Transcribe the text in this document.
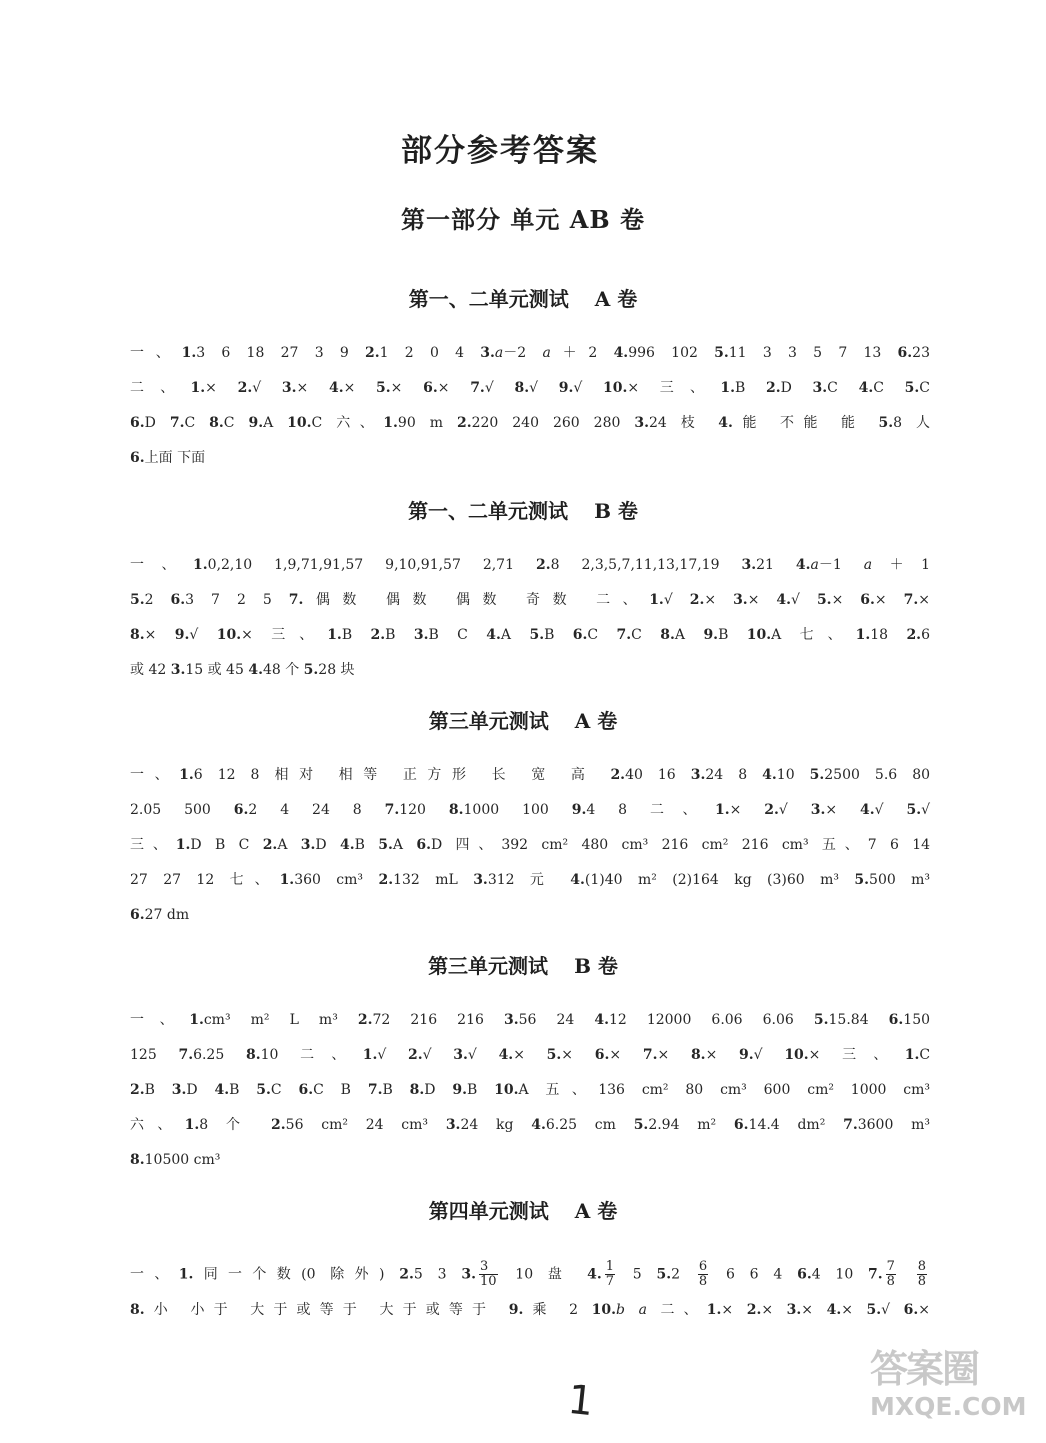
部分参考答案
第一部分 单元 AB 卷
第一、二单元测试 A 卷
一、1.3 6 18 27 3 9 2.1 2 0 4 3.a－2 a＋2 4.996 102 5.11 3 3 5 7 13 6.23
二、1.× 2.√ 3.× 4.× 5.× 6.× 7.√ 8.√ 9.√ 10.× 三、1.B 2.D 3.C 4.C 5.C
6.D 7.C 8.C 9.A 10.C 六、1.90 m 2.220 240 260 280 3.24 枝 4.能 不能 能 5.8 人
6.上面 下面
第一、二单元测试 B 卷
一、1.0,2,10 1,9,71,91,57 9,10,91,57 2,71 2.8 2,3,5,7,11,13,17,19 3.21 4.a－1 a＋1
5.2 6.3 7 2 5 7.偶数 偶数 偶数 奇数 二、1.√ 2.× 3.× 4.√ 5.× 6.× 7.×
8.× 9.√ 10.× 三、1.B 2.B 3.B C 4.A 5.B 6.C 7.C 8.A 9.B 10.A 七、1.18 2.6
或 42 3.15 或 45 4.48 个 5.28 块
第三单元测试 A 卷
一、1.6 12 8 相对 相等 正方形 长 宽 高 2.40 16 3.24 8 4.10 5.2500 5.6 80
2.05 500 6.2 4 24 8 7.120 8.1000 100 9.4 8 二、1.× 2.√ 3.× 4.√ 5.√
三、1.D B C 2.A 3.D 4.B 5.A 6.D 四、392 cm² 480 cm³ 216 cm² 216 cm³ 五、7 6 14
27 27 12 七、1.360 cm³ 2.132 mL 3.312 元 4.(1)40 m² (2)164 kg (3)60 m³ 5.500 m³
6.27 dm
第三单元测试 B 卷
一、1.cm³ m² L m³ 2.72 216 216 3.56 24 4.12 12000 6.06 6.06 5.15.84 6.150
125 7.6.25 8.10 二、1.√ 2.√ 3.√ 4.× 5.× 6.× 7.× 8.× 9.√ 10.× 三、1.C
2.B 3.D 4.B 5.C 6.C B 7.B 8.D 9.B 10.A 五、136 cm² 80 cm³ 600 cm² 1000 cm³
六、1.8 个 2.56 cm² 24 cm³ 3.24 kg 4.6.25 cm 5.2.94 m² 6.14.4 dm² 7.3600 m³
8.10500 cm³
第四单元测试 A 卷
一、1.同一个数(0 除外) 2.5 3 3. $\frac{3}{10} 10$ 盘 4. $\frac{1}{7} 5$ $5.2 \frac{6}{8} 6$ 6 4 6.4 10 7. $\frac{7}{8}$
$\frac{8}{8}$
8.小 小于 大于或等于 大于或等于 9.乘 2 10.b a 二、1.× 2.× 3.× 4.× 5.√ 6.×
1
答案圈
MXQE.COM
